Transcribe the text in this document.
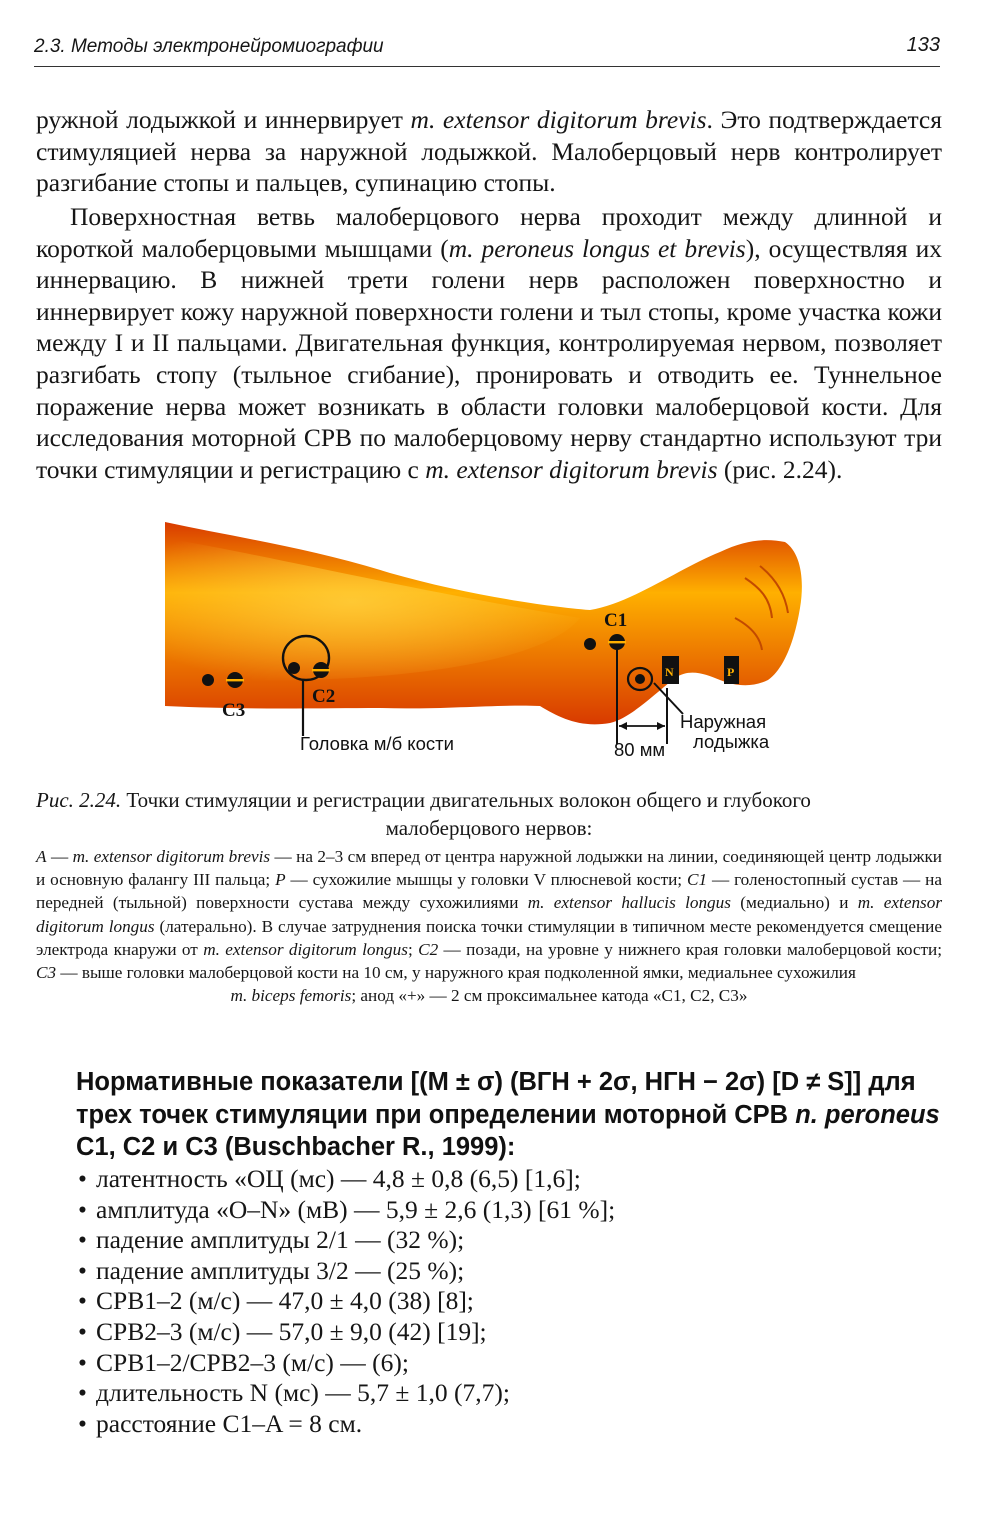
2.3. Методы электронейромиографии	133

ружной лодыжкой и иннервирует m. extensor digitorum brevis. Это подтверждается стимуляцией нерва за наружной лодыжкой. Малоберцовый нерв контролирует разгибание стопы и пальцев, супинацию стопы.

Поверхностная ветвь малоберцового нерва проходит между длинной и короткой малоберцовыми мышцами (m. peroneus longus et brevis), осуществляя их иннервацию. В нижней трети голени нерв расположен поверхностно и иннервирует кожу наружной поверхности голени и тыл стопы, кроме участка кожи между I и II пальцами. Двигательная функция, контролируемая нервом, позволяет разгибать стопу (тыльное сгибание), пронировать и отводить ее. Туннельное поражение нерва может возникать в области головки малоберцовой кости. Для исследования моторной СРВ по малоберцовому нерву стандартно используют три точки стимуляции и регистрацию с m. extensor digitorum brevis (рис. 2.24).

C3
C2
Головка м/б кости
C1
Наружная
лодыжка
80 мм
N	P

Рис. 2.24. Точки стимуляции и регистрации двигательных волокон общего и глубокого
малоберцового нервов:

A — m. extensor digitorum brevis — на 2–3 см вперед от центра наружной лодыжки на линии, соединяющей центр лодыжки и основную фалангу III пальца; P — сухожилие мышцы у головки V плюсневой кости; C1 — голеностопный сустав — на передней (тыльной) поверхности сустава между сухожилиями m. extensor hallucis longus (медиально) и m. extensor digitorum longus (латерально). В случае затруднения поиска точки стимуляции в типичном месте рекомендуется смещение электрода кнаружи от m. extensor digitorum longus; C2 — позади, на уровне у нижнего края головки малоберцовой кости; C3 — выше головки малоберцовой кости на 10 см, у наружного края подколенной ямки, медиальнее сухожилия
m. biceps femoris; анод «+» — 2 см проксимальнее катода «C1, C2, C3»

Нормативные показатели [(M ± σ) (ВГН + 2σ, НГН − 2σ) [D ≠ S]] для трех точек стимуляции при определении моторной СРВ n. peroneus C1, C2 и C3 (Buschbacher R., 1999):
• латентность «ОЦ (мс) — 4,8 ± 0,8 (6,5) [1,6];
• амплитуда «O–N» (мВ) — 5,9 ± 2,6 (1,3) [61 %];
• падение амплитуды 2/1 — (32 %);
• падение амплитуды 3/2 — (25 %);
• СРВ1–2 (м/с) — 47,0 ± 4,0 (38) [8];
• СРВ2–3 (м/с) — 57,0 ± 9,0 (42) [19];
• СРВ1–2/СРВ2–3 (м/с) — (6);
• длительность N (мс) — 5,7 ± 1,0 (7,7);
• расстояние C1–A = 8 см.
